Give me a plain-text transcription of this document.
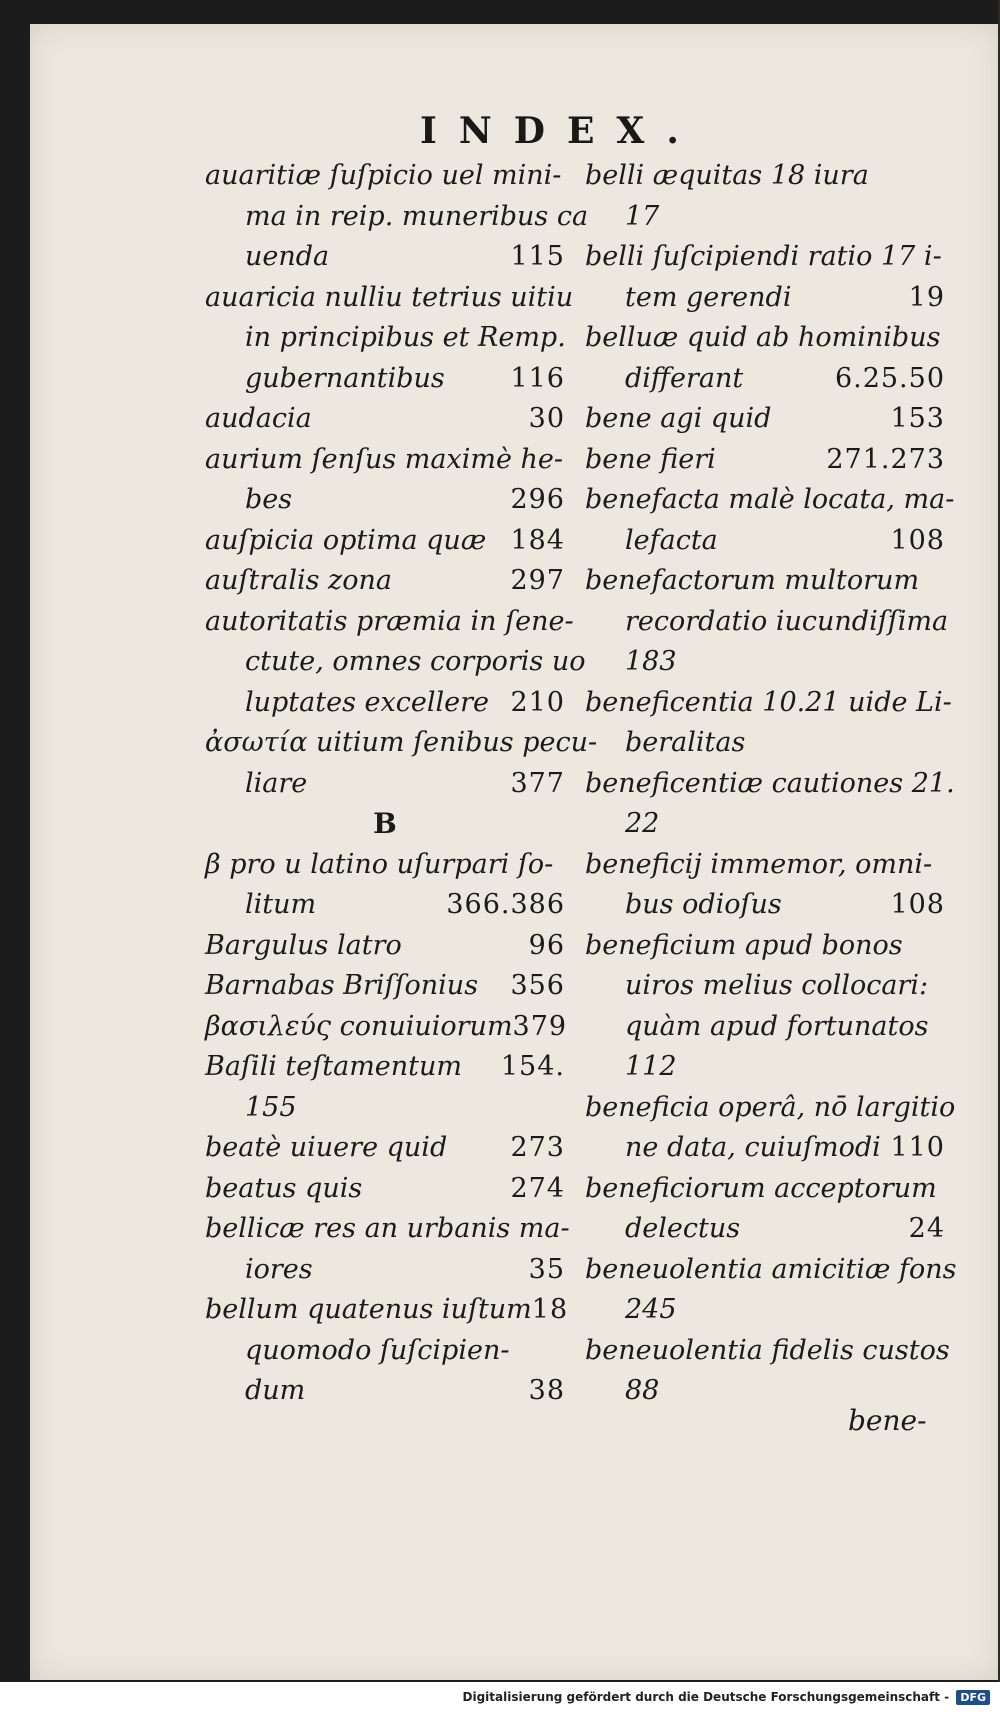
INDEX.
auaritiæ ſuſpicio uel mini-
ma in reip. muneribus ca
uenda	115
auaricia nulliu tetrius uitiu
in principibus et Remp.
gubernantibus 116
audacia	30
aurium ſenſus maximè he-
bes	296
auſpicia optima quæ 184
auſtralis zona	297
autoritatis præmia in ſene-
ctute, omnes corporis uo
luptates excellere 210
ἀσωτία uitium ſenibus pecu-
liare	377
B
β pro u latino uſurpari ſo-
litum	366.386
Bargulus latro	96
Barnabas Briſſonius 356
βασιλεύς conuiuiorum 379
Baſili teſtamentum 154.
155
beatè uiuere quid 273
beatus quis	274
bellicæ res an urbanis ma-
iores	35
bellum quatenus iuſtum 18
quomodo ſuſcipien-
dum	38
belli æquitas 18 iura
17
belli ſuſcipiendi ratio 17 i-
tem gerendi	19
belluæ quid ab hominibus
differant	6.25.50
bene agi quid	153
bene fieri	271.273
benefacta malè locata, ma-
lefacta	108
benefactorum multorum
recordatio iucundiſſima
183
beneficentia 10.21 uide Li-
beralitas
beneficentiæ cautiones 21.
22
beneficij immemor, omni-
bus odioſus	108
beneficium apud bonos
uiros melius collocari:
quàm apud fortunatos
112
beneficia operâ, nō largitio
ne data, cuiuſmodi 110
beneficiorum acceptorum
delectus	24
beneuolentia amicitiæ fons
245
beneuolentia fidelis custos
88
bene-
Digitalisierung gefördert durch die Deutsche Forschungsgemeinschaft - DFG
